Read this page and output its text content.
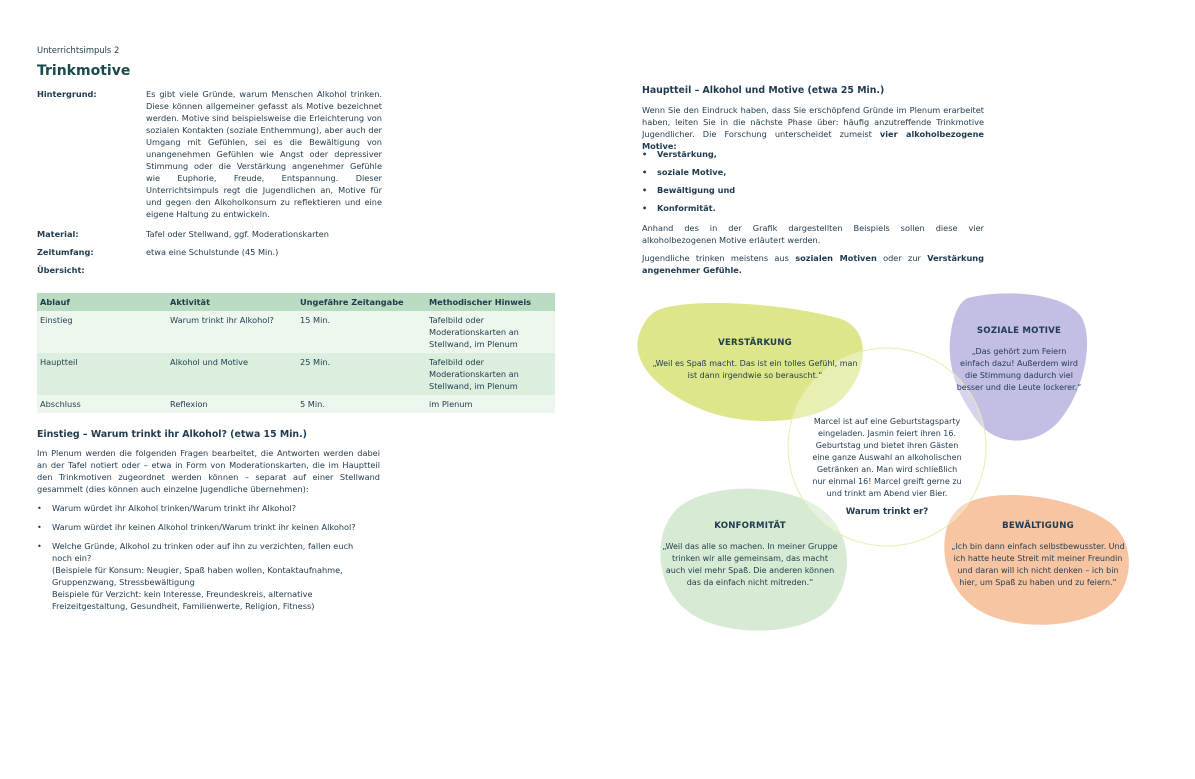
Unterrichtsimpuls 2
Trinkmotive
Hintergrund:	Es gibt viele Gründe, warum Menschen Alkohol trinken. Diese können allgemeiner gefasst als Motive bezeichnet werden. Motive sind beispielsweise die Erleichterung von sozialen Kontakten (soziale Enthemmung), aber auch der Umgang mit Gefühlen, sei es die Bewältigung von unangenehmen Gefühlen wie Angst oder depressiver Stimmung oder die Verstärkung angenehmer Gefühle wie Euphorie, Freude, Entspannung. Dieser Unterrichtsimpuls regt die Jugendlichen an, Motive für und gegen den Alkoholkonsum zu reflektieren und eine eigene Haltung zu entwickeln.
Material:	Tafel oder Stellwand, ggf. Moderationskarten
Zeitumfang:	etwa eine Schulstunde (45 Min.)
Übersicht:
Ablauf	Aktivität	Ungefähre Zeitangabe	Methodischer Hinweis
Einstieg	Warum trinkt ihr Alkohol?	15 Min.	Tafelbild oder Moderationskarten an Stellwand, im Plenum
Hauptteil	Alkohol und Motive	25 Min.	Tafelbild oder Moderationskarten an Stellwand, im Plenum
Abschluss	Reflexion	5 Min.	im Plenum
Einstieg – Warum trinkt ihr Alkohol? (etwa 15 Min.)
Im Plenum werden die folgenden Fragen bearbeitet, die Antworten werden dabei an der Tafel notiert oder – etwa in Form von Moderationskarten, die im Hauptteil den Trinkmotiven zugeordnet werden können – separat auf einer Stellwand gesammelt (dies können auch einzelne Jugendliche übernehmen):
• Warum würdet ihr Alkohol trinken/Warum trinkt ihr Alkohol?
• Warum würdet ihr keinen Alkohol trinken/Warum trinkt ihr keinen Alkohol?
• Welche Gründe, Alkohol zu trinken oder auf ihn zu verzichten, fallen euch noch ein?
(Beispiele für Konsum: Neugier, Spaß haben wollen, Kontaktaufnahme, Gruppenzwang, Stressbewältigung
Beispiele für Verzicht: kein Interesse, Freundeskreis, alternative Freizeitgestaltung, Gesundheit, Familienwerte, Religion, Fitness)
Hauptteil – Alkohol und Motive (etwa 25 Min.)
Wenn Sie den Eindruck haben, dass Sie erschöpfend Gründe im Plenum erarbeitet haben, leiten Sie in die nächste Phase über: häufig anzutreffende Trinkmotive Jugendlicher. Die Forschung unterscheidet zumeist vier alkoholbezogene Motive:
• Verstärkung,
• soziale Motive,
• Bewältigung und
• Konformität.
Anhand des in der Grafik dargestellten Beispiels sollen diese vier alkoholbezogenen Motive erläutert werden.
Jugendliche trinken meistens aus sozialen Motiven oder zur Verstärkung angenehmer Gefühle.
VERSTÄRKUNG
„Weil es Spaß macht. Das ist ein tolles Gefühl, man ist dann irgendwie so berauscht.“
SOZIALE MOTIVE
„Das gehört zum Feiern einfach dazu! Außerdem wird die Stimmung dadurch viel besser und die Leute lockerer.“
KONFORMITÄT
„Weil das alle so machen. In meiner Gruppe trinken wir alle gemeinsam, das macht auch viel mehr Spaß. Die anderen können das da einfach nicht mitreden.“
BEWÄLTIGUNG
„Ich bin dann einfach selbstbewusster. Und ich hatte heute Streit mit meiner Freundin und daran will ich nicht denken – ich bin hier, um Spaß zu haben und zu feiern.“
Marcel ist auf eine Geburtstagsparty eingeladen. Jasmin feiert ihren 16. Geburtstag und bietet ihren Gästen eine ganze Auswahl an alkoholischen Getränken an. Man wird schließlich nur einmal 16! Marcel greift gerne zu und trinkt am Abend vier Bier.
Warum trinkt er?
